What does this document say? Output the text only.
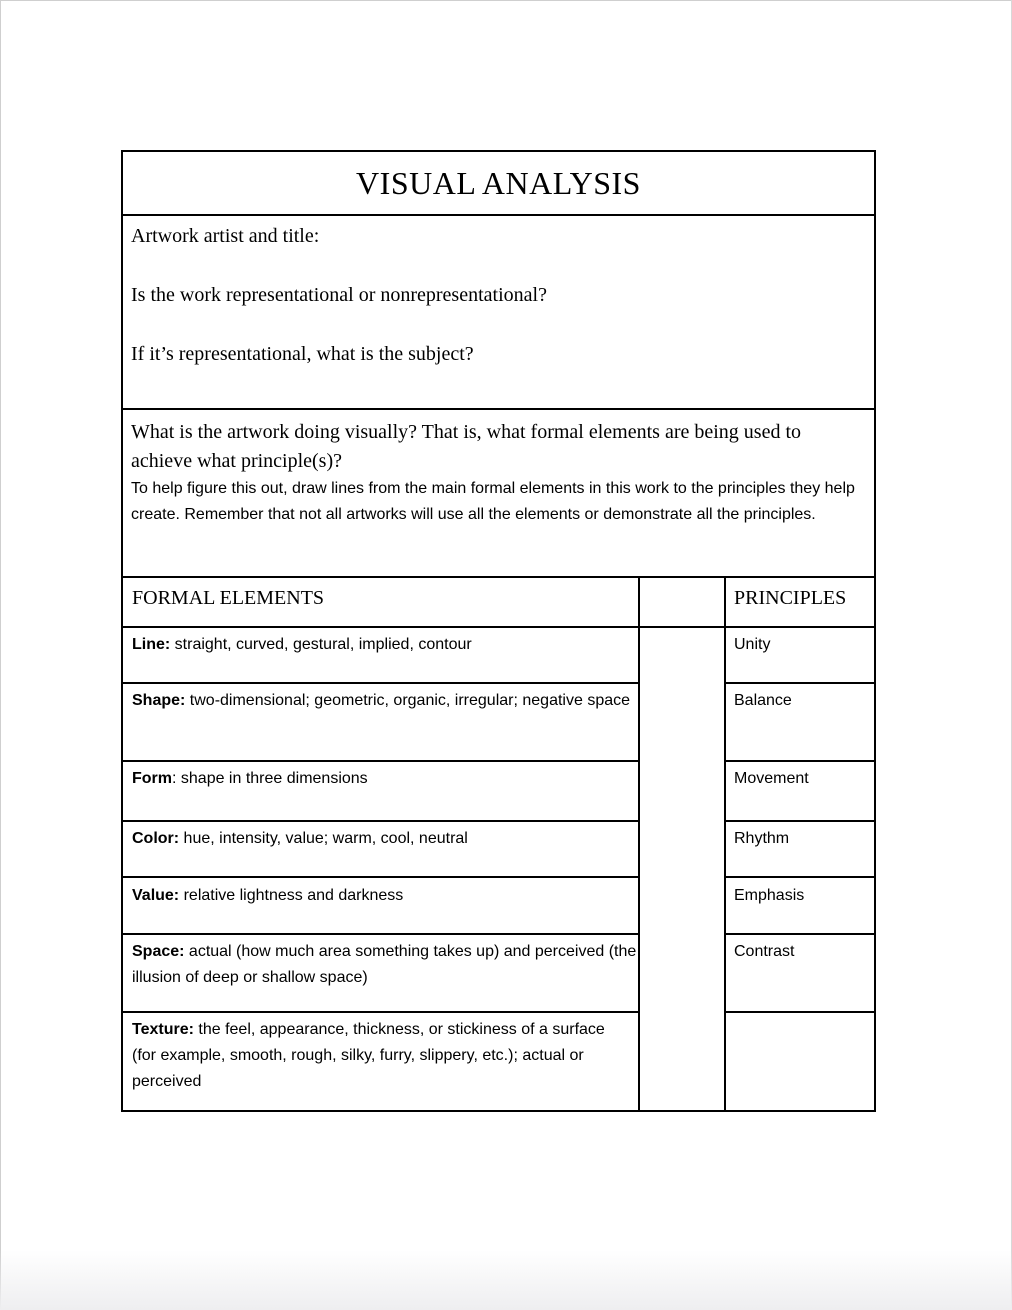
VISUAL ANALYSIS
Artwork artist and title:
Is the work representational or nonrepresentational?
If it’s representational, what is the subject?
What is the artwork doing visually? That is, what formal elements are being used to achieve what principle(s)?
To help figure this out, draw lines from the main formal elements in this work to the principles they help create. Remember that not all artworks will use all the elements or demonstrate all the principles.
FORMAL ELEMENTS	PRINCIPLES
Line: straight, curved, gestural, implied, contour
Shape: two-dimensional; geometric, organic, irregular; negative space
Form: shape in three dimensions
Color: hue, intensity, value; warm, cool, neutral
Value: relative lightness and darkness
Space: actual (how much area something takes up) and perceived (the illusion of deep or shallow space)
Texture: the feel, appearance, thickness, or stickiness of a surface (for example, smooth, rough, silky, furry, slippery, etc.); actual or perceived
Unity
Balance
Movement
Rhythm
Emphasis
Contrast
